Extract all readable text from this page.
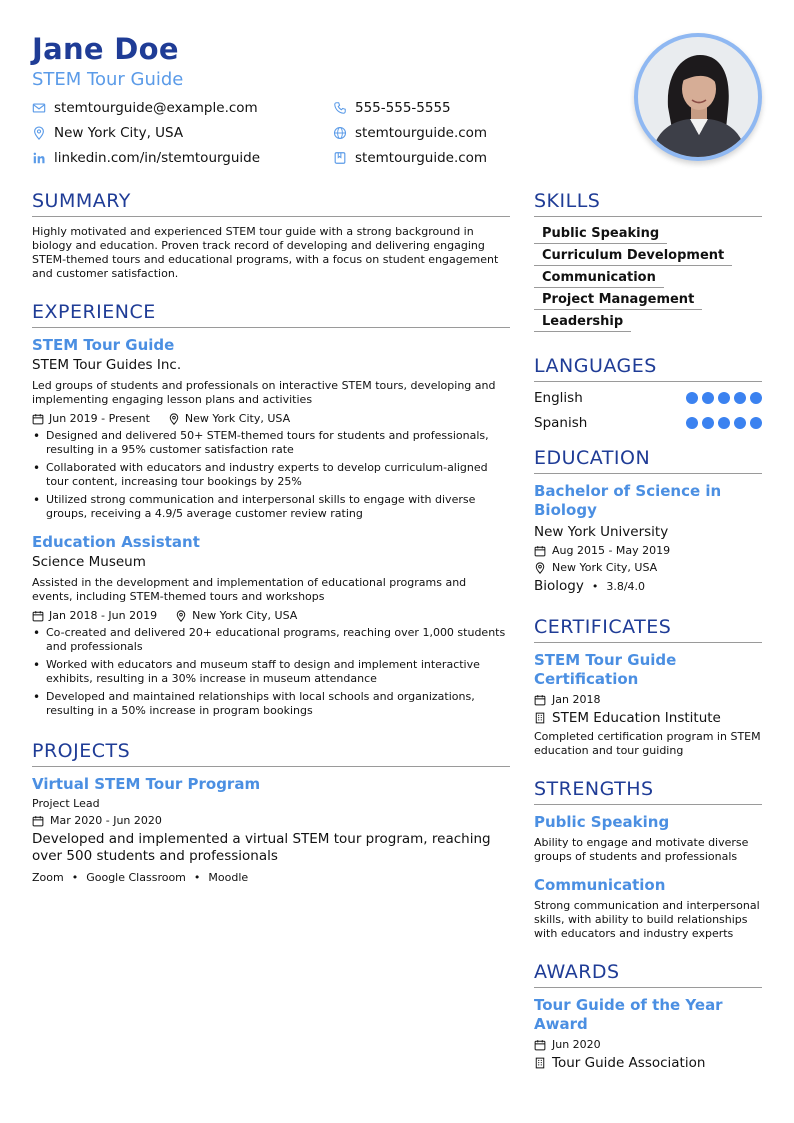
Jane Doe
STEM Tour Guide
stemtourguide@example.com	555-555-5555
New York City, USA	stemtourguide.com
linkedin.com/in/stemtourguide	stemtourguide.com
SUMMARY
Highly motivated and experienced STEM tour guide with a strong background in biology and education. Proven track record of developing and delivering engaging STEM-themed tours and educational programs, with a focus on student engagement and customer satisfaction.
EXPERIENCE
STEM Tour Guide
STEM Tour Guides Inc.
Led groups of students and professionals on interactive STEM tours, developing and implementing engaging lesson plans and activities
Jun 2019 - Present	New York City, USA
• Designed and delivered 50+ STEM-themed tours for students and professionals, resulting in a 95% customer satisfaction rate
• Collaborated with educators and industry experts to develop curriculum-aligned tour content, increasing tour bookings by 25%
• Utilized strong communication and interpersonal skills to engage with diverse groups, receiving a 4.9/5 average customer review rating
Education Assistant
Science Museum
Assisted in the development and implementation of educational programs and events, including STEM-themed tours and workshops
Jan 2018 - Jun 2019	New York City, USA
• Co-created and delivered 20+ educational programs, reaching over 1,000 students and professionals
• Worked with educators and museum staff to design and implement interactive exhibits, resulting in a 30% increase in museum attendance
• Developed and maintained relationships with local schools and organizations, resulting in a 50% increase in program bookings
PROJECTS
Virtual STEM Tour Program
Project Lead
Mar 2020 - Jun 2020
Developed and implemented a virtual STEM tour program, reaching over 500 students and professionals
Zoom • Google Classroom • Moodle
SKILLS
Public Speaking
Curriculum Development
Communication
Project Management
Leadership
LANGUAGES
English
Spanish
EDUCATION
Bachelor of Science in Biology
New York University
Aug 2015 - May 2019
New York City, USA
Biology • 3.8/4.0
CERTIFICATES
STEM Tour Guide Certification
Jan 2018
STEM Education Institute
Completed certification program in STEM education and tour guiding
STRENGTHS
Public Speaking
Ability to engage and motivate diverse groups of students and professionals
Communication
Strong communication and interpersonal skills, with ability to build relationships with educators and industry experts
AWARDS
Tour Guide of the Year Award
Jun 2020
Tour Guide Association
